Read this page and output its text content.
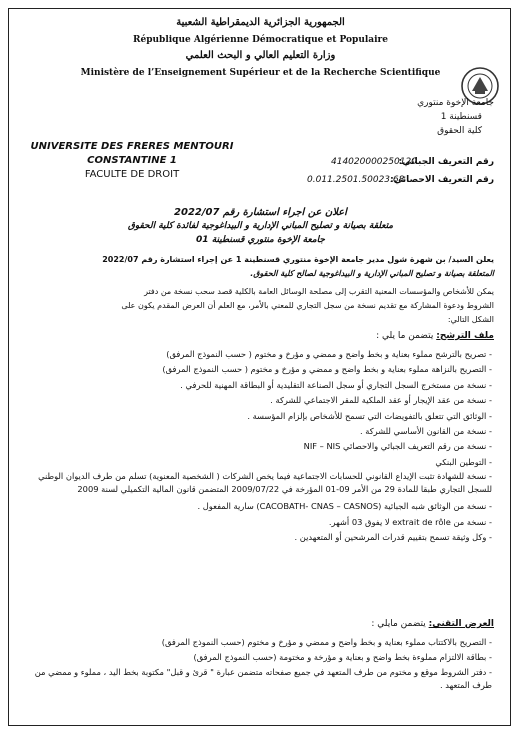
الجمهورية الجزائرية الديمقراطية الشعبية
République Algérienne Démocratique et Populaire
وزارة التعليم العالي و البحث العلمي
Ministère de l’Enseignement Supérieur et de la Recherche Scientifique
جامعة الإخوة منتوري
قسنطينة 1
كلية الحقوق
UNIVERSITE DES FRERES MENTOURI
CONSTANTINE 1
FACULTE DE DROIT
رقم التعريف الجبائي:
414020000250120
رقم التعريف الاحصائي:
0.011.2501.50023.68
اعلان عن اجراء استشارة رقم 2022/07
متعلقة بصيانة و تصليح المباني الإدارية و البيداغوجية لفائدة كلية الحقوق
جامعة الإخوة منتوري قسنطينة 01
يعلن السيد/ بن شهرة شول مدير جامعة الإخوة منتوري قسنطينة 1 عن إجراء استشارة رقم 2022/07
المتعلقة بصيانة و تصليح المباني الإدارية و البيداغوجية لصالح كلية الحقوق.
يمكن للأشخاص والمؤسسات المعنية التقرب إلى مصلحة الوسائل العامة بالكلية قصد سحب نسخة من دفتر
الشروط ودعوة المشاركة مع تقديم نسخة من سجل التجاري للمعني بالأمر، مع العلم أن العرض المقدم يكون على
الشكل التالي:
ملف الترشح: يتضمن ما يلي :
- تصريح بالترشح مملوء بعناية و بخط واضح و ممضي و مؤرخ و مختوم ( حسب النموذج المرفق)
- التصريح بالنزاهة مملوء بعناية و بخط واضح و ممضي و مؤرخ و مختوم ( حسب النموذج المرفق)
- نسخة من مستخرج السجل التجاري أو سجل الصناعة التقليدية أو البطاقة المهنية للحرفي .
- نسخة من عقد الإيجار أو عقد الملكية للمقر الاجتماعي للشركة .
- الوثائق التي تتعلق بالتفويضات التي تسمح للأشخاص بإلزام المؤسسة .
- نسخة من القانون الأساسي للشركة .
- نسخة من رقم التعريف الجبائي والاحصائي NIF – NIS
- التوطين البنكي
- نسخة للشهادة تثبت الإيداع القانوني للحسابات الاجتماعية فيما يخص الشركات ( الشخصية المعنوية) تسلم من طرف الديوان الوطني للسجل التجاري طبقا للمادة 29 من الأمر 09-01 المؤرخة في 2009/07/22 المتضمن قانون المالية التكميلي لسنة 2009
- نسخة من الوثائق شبه الجبائية (CACOBATH- CNAS – CASNOS) سارية المفعول .
- نسخة من extrait de rôle لا يفوق 03 أشهر.
- وكل وثيقة تسمح بتقييم قدرات المرشحين أو المتعهدين .
العرض التقني: يتضمن مايلي :
- التصريح بالاكتتاب مملوء بعناية و بخط واضح و ممضي و مؤرخ و مختوم (حسب النموذج المرفق)
- بطاقة الالتزام مملوءة بخط واضح و بعناية و مؤرخة و مختومة (حسب النموذج المرفق)
- دفتر الشروط موقع و مختوم من طرف المتعهد في جميع صفحاته متضمن عبارة " قرئ و قبل" مكتوبة بخط اليد ، مملوء و ممضي من طرف المتعهد .
